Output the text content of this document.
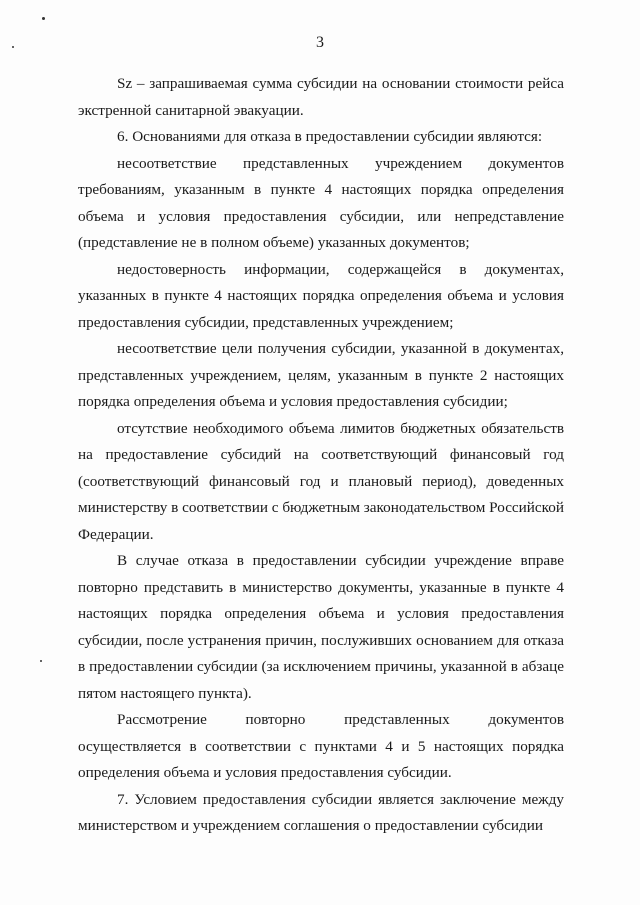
3

Sz – запрашиваемая сумма субсидии на основании стоимости рейса экстренной санитарной эвакуации.

6. Основаниями для отказа в предоставлении субсидии являются:

несоответствие представленных учреждением документов требованиям, указанным в пункте 4 настоящих порядка определения объема и условия предоставления субсидии, или непредставление (представление не в полном объеме) указанных документов;

недостоверность информации, содержащейся в документах, указанных в пункте 4 настоящих порядка определения объема и условия предоставления субсидии, представленных учреждением;

несоответствие цели получения субсидии, указанной в документах, представленных учреждением, целям, указанным в пункте 2 настоящих порядка определения объема и условия предоставления субсидии;

отсутствие необходимого объема лимитов бюджетных обязательств на предоставление субсидий на соответствующий финансовый год (соответствующий финансовый год и плановый период), доведенных министерству в соответствии с бюджетным законодательством Российской Федерации.

В случае отказа в предоставлении субсидии учреждение вправе повторно представить в министерство документы, указанные в пункте 4 настоящих порядка определения объема и условия предоставления субсидии, после устранения причин, послуживших основанием для отказа в предоставлении субсидии (за исключением причины, указанной в абзаце пятом настоящего пункта).

Рассмотрение повторно представленных документов осуществляется в соответствии с пунктами 4 и 5 настоящих порядка определения объема и условия предоставления субсидии.

7. Условием предоставления субсидии является заключение между министерством и учреждением соглашения о предоставлении субсидии
